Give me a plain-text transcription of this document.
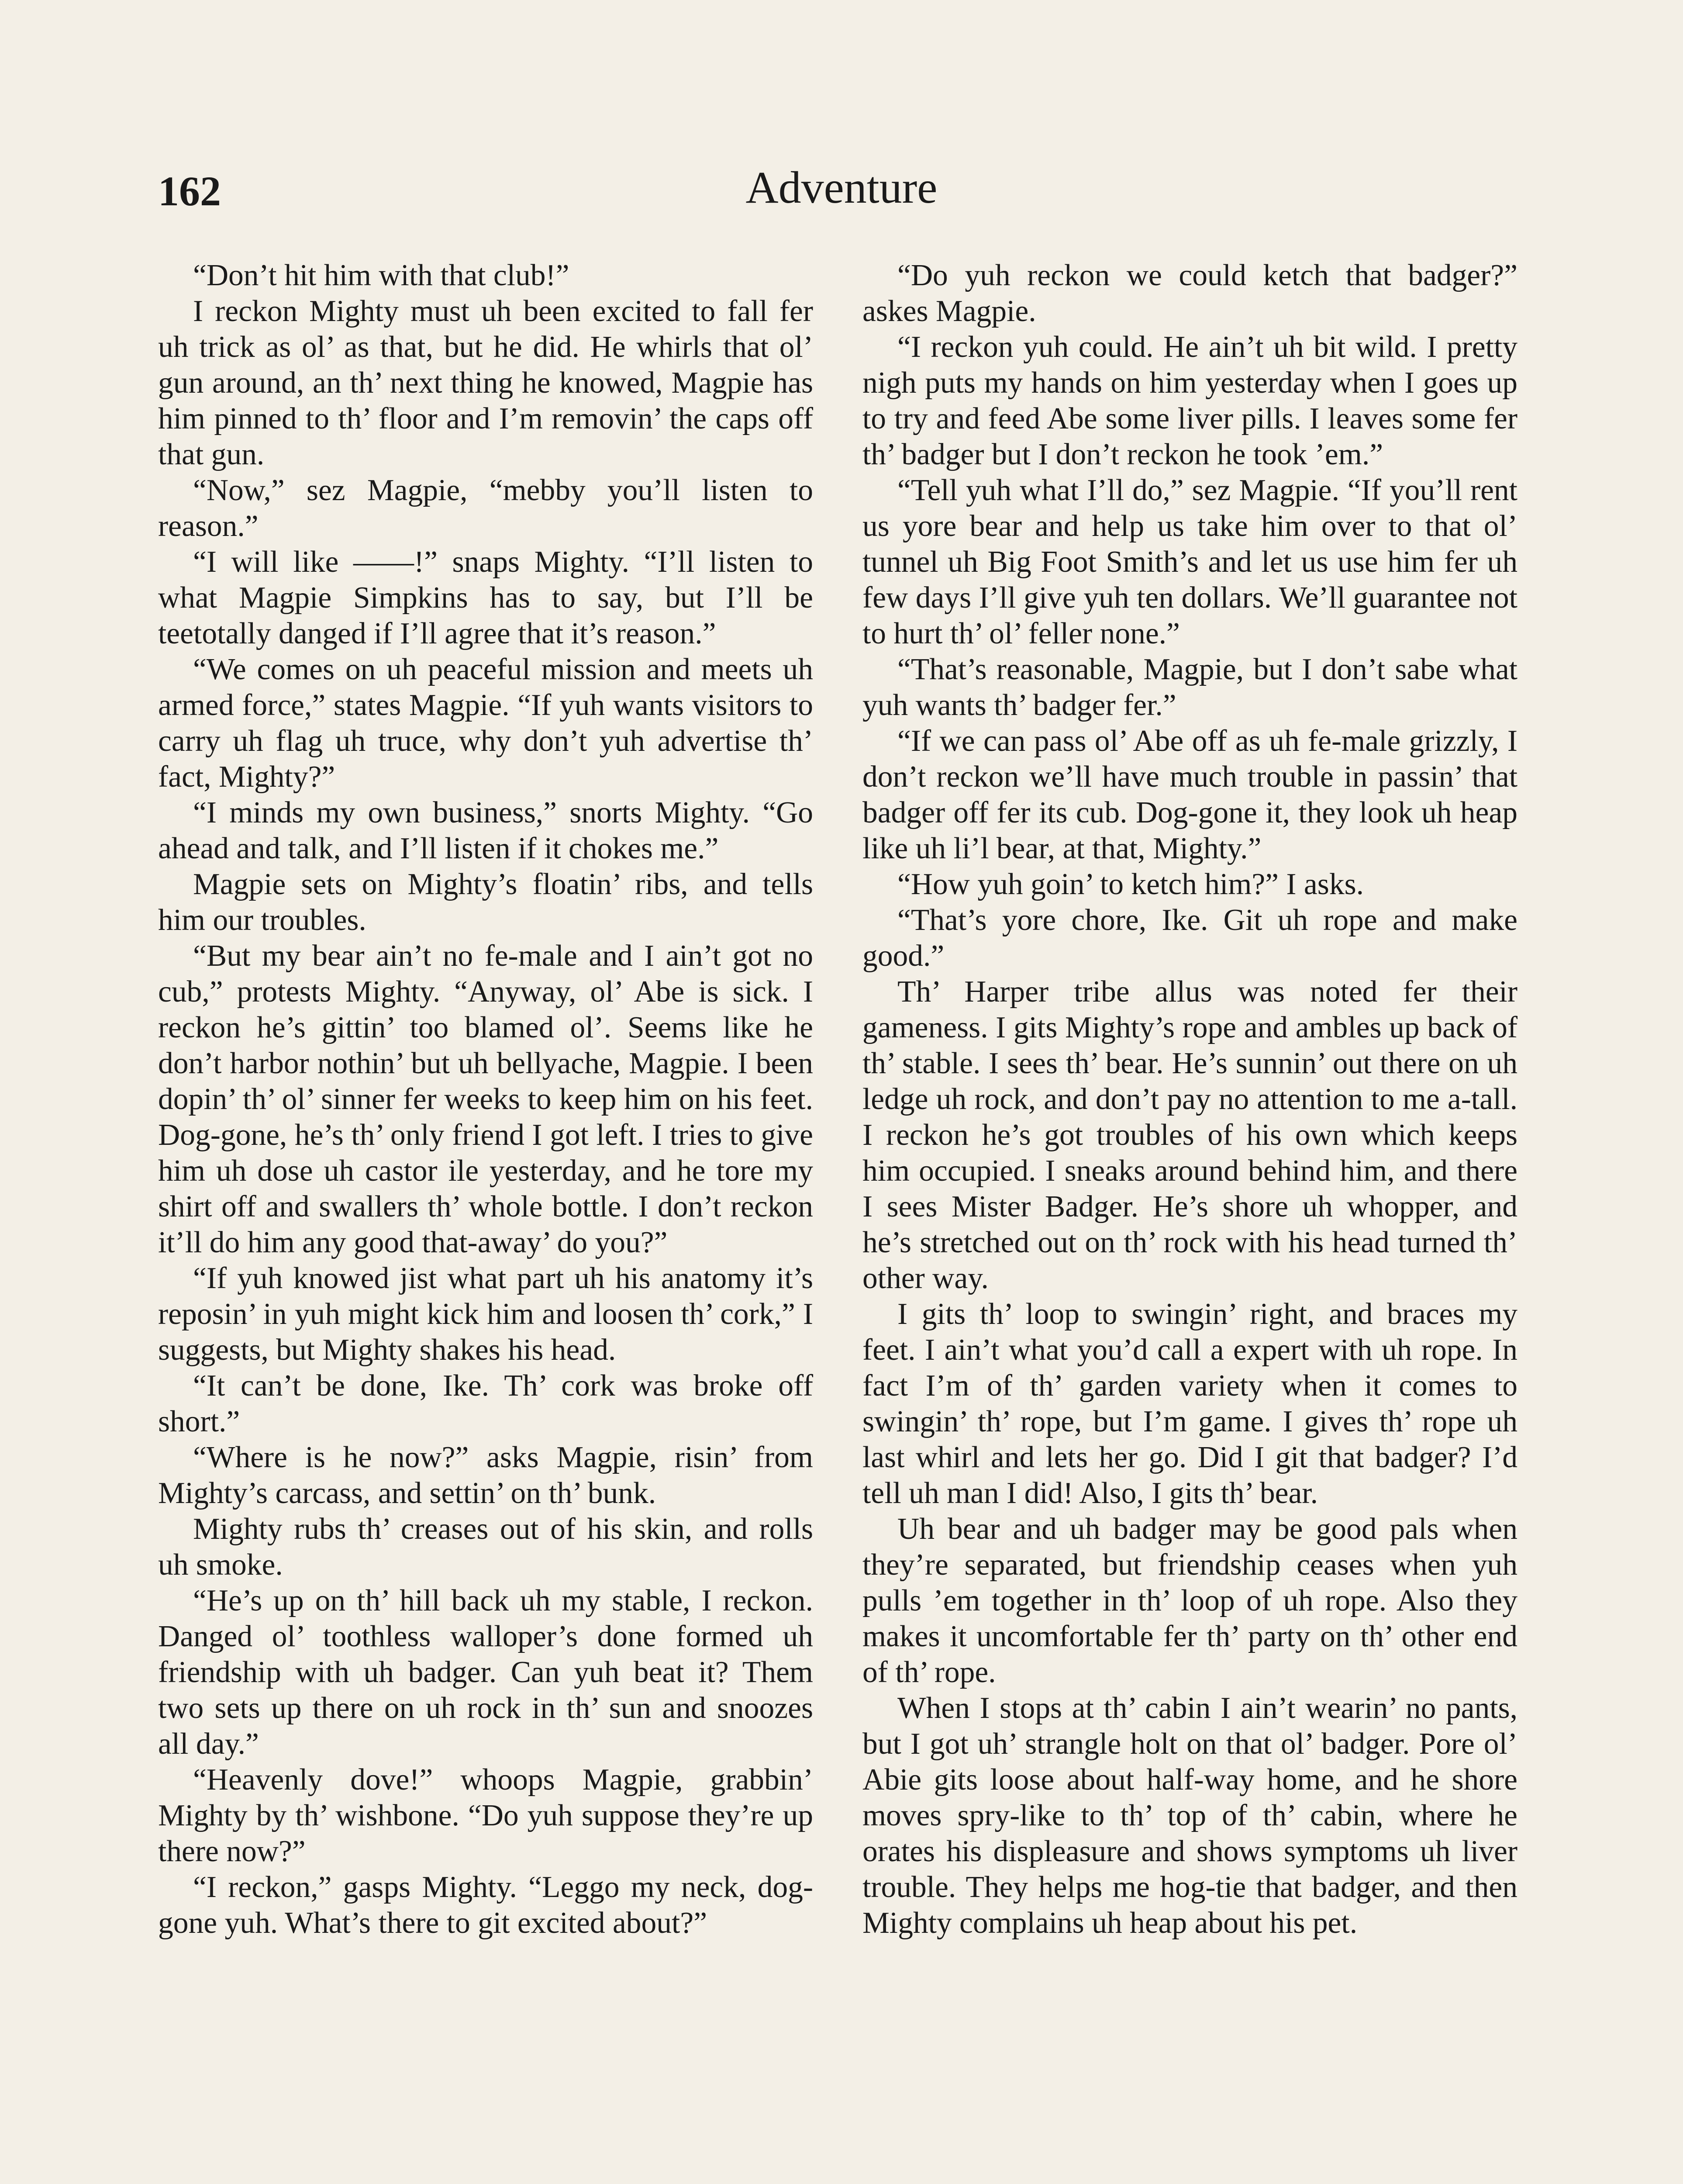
162	Adventure

“Don’t hit him with that club!”

I reckon Mighty must uh been excited to fall fer uh trick as ol’ as that, but he did. He whirls that ol’ gun around, an th’ next thing he knowed, Magpie has him pinned to th’ floor and I’m removin’ the caps off that gun.

“Now,” sez Magpie, “mebby you’ll listen to reason.”

“I will like ——!” snaps Mighty. “I’ll listen to what Magpie Simpkins has to say, but I’ll be teetotally danged if I’ll agree that it’s reason.”

“We comes on uh peaceful mission and meets uh armed force,” states Magpie. “If yuh wants visitors to carry uh flag uh truce, why don’t yuh advertise th’ fact, Mighty?”

“I minds my own business,” snorts Mighty. “Go ahead and talk, and I’ll listen if it chokes me.”

Magpie sets on Mighty’s floatin’ ribs, and tells him our troubles.

“But my bear ain’t no fe-male and I ain’t got no cub,” protests Mighty. “Anyway, ol’ Abe is sick. I reckon he’s gittin’ too blamed ol’. Seems like he don’t harbor nothin’ but uh bellyache, Magpie. I been dopin’ th’ ol’ sinner fer weeks to keep him on his feet. Dog-gone, he’s th’ only friend I got left. I tries to give him uh dose uh castor ile yesterday, and he tore my shirt off and swallers th’ whole bottle. I don’t reckon it’ll do him any good that-away’ do you?”

“If yuh knowed jist what part uh his anatomy it’s reposin’ in yuh might kick him and loosen th’ cork,” I suggests, but Mighty shakes his head.

“It can’t be done, Ike. Th’ cork was broke off short.”

“Where is he now?” asks Magpie, risin’ from Mighty’s carcass, and settin’ on th’ bunk.

Mighty rubs th’ creases out of his skin, and rolls uh smoke.

“He’s up on th’ hill back uh my stable, I reckon. Danged ol’ toothless walloper’s done formed uh friendship with uh badger. Can yuh beat it? Them two sets up there on uh rock in th’ sun and snoozes all day.”

“Heavenly dove!” whoops Magpie, grabbin’ Mighty by th’ wishbone. “Do yuh suppose they’re up there now?”

“I reckon,” gasps Mighty. “Leggo my neck, dog-gone yuh. What’s there to git excited about?”

“Do yuh reckon we could ketch that badger?” askes Magpie.

“I reckon yuh could. He ain’t uh bit wild. I pretty nigh puts my hands on him yesterday when I goes up to try and feed Abe some liver pills. I leaves some fer th’ badger but I don’t reckon he took ’em.”

“Tell yuh what I’ll do,” sez Magpie. “If you’ll rent us yore bear and help us take him over to that ol’ tunnel uh Big Foot Smith’s and let us use him fer uh few days I’ll give yuh ten dollars. We’ll guarantee not to hurt th’ ol’ feller none.”

“That’s reasonable, Magpie, but I don’t sabe what yuh wants th’ badger fer.”

“If we can pass ol’ Abe off as uh fe-male grizzly, I don’t reckon we’ll have much trouble in passin’ that badger off fer its cub. Dog-gone it, they look uh heap like uh li’l bear, at that, Mighty.”

“How yuh goin’ to ketch him?” I asks.

“That’s yore chore, Ike. Git uh rope and make good.”

Th’ Harper tribe allus was noted fer their gameness. I gits Mighty’s rope and ambles up back of th’ stable. I sees th’ bear. He’s sunnin’ out there on uh ledge uh rock, and don’t pay no attention to me a-tall. I reckon he’s got troubles of his own which keeps him occupied. I sneaks around behind him, and there I sees Mister Badger. He’s shore uh whopper, and he’s stretched out on th’ rock with his head turned th’ other way.

I gits th’ loop to swingin’ right, and braces my feet. I ain’t what you’d call a expert with uh rope. In fact I’m of th’ garden variety when it comes to swingin’ th’ rope, but I’m game. I gives th’ rope uh last whirl and lets her go. Did I git that badger? I’d tell uh man I did! Also, I gits th’ bear.

Uh bear and uh badger may be good pals when they’re separated, but friendship ceases when yuh pulls ’em together in th’ loop of uh rope. Also they makes it uncomfortable fer th’ party on th’ other end of th’ rope.

When I stops at th’ cabin I ain’t wearin’ no pants, but I got uh’ strangle holt on that ol’ badger. Pore ol’ Abie gits loose about half-way home, and he shore moves spry-like to th’ top of th’ cabin, where he orates his displeasure and shows symptoms uh liver trouble. They helps me hog-tie that badger, and then Mighty complains uh heap about his pet.
